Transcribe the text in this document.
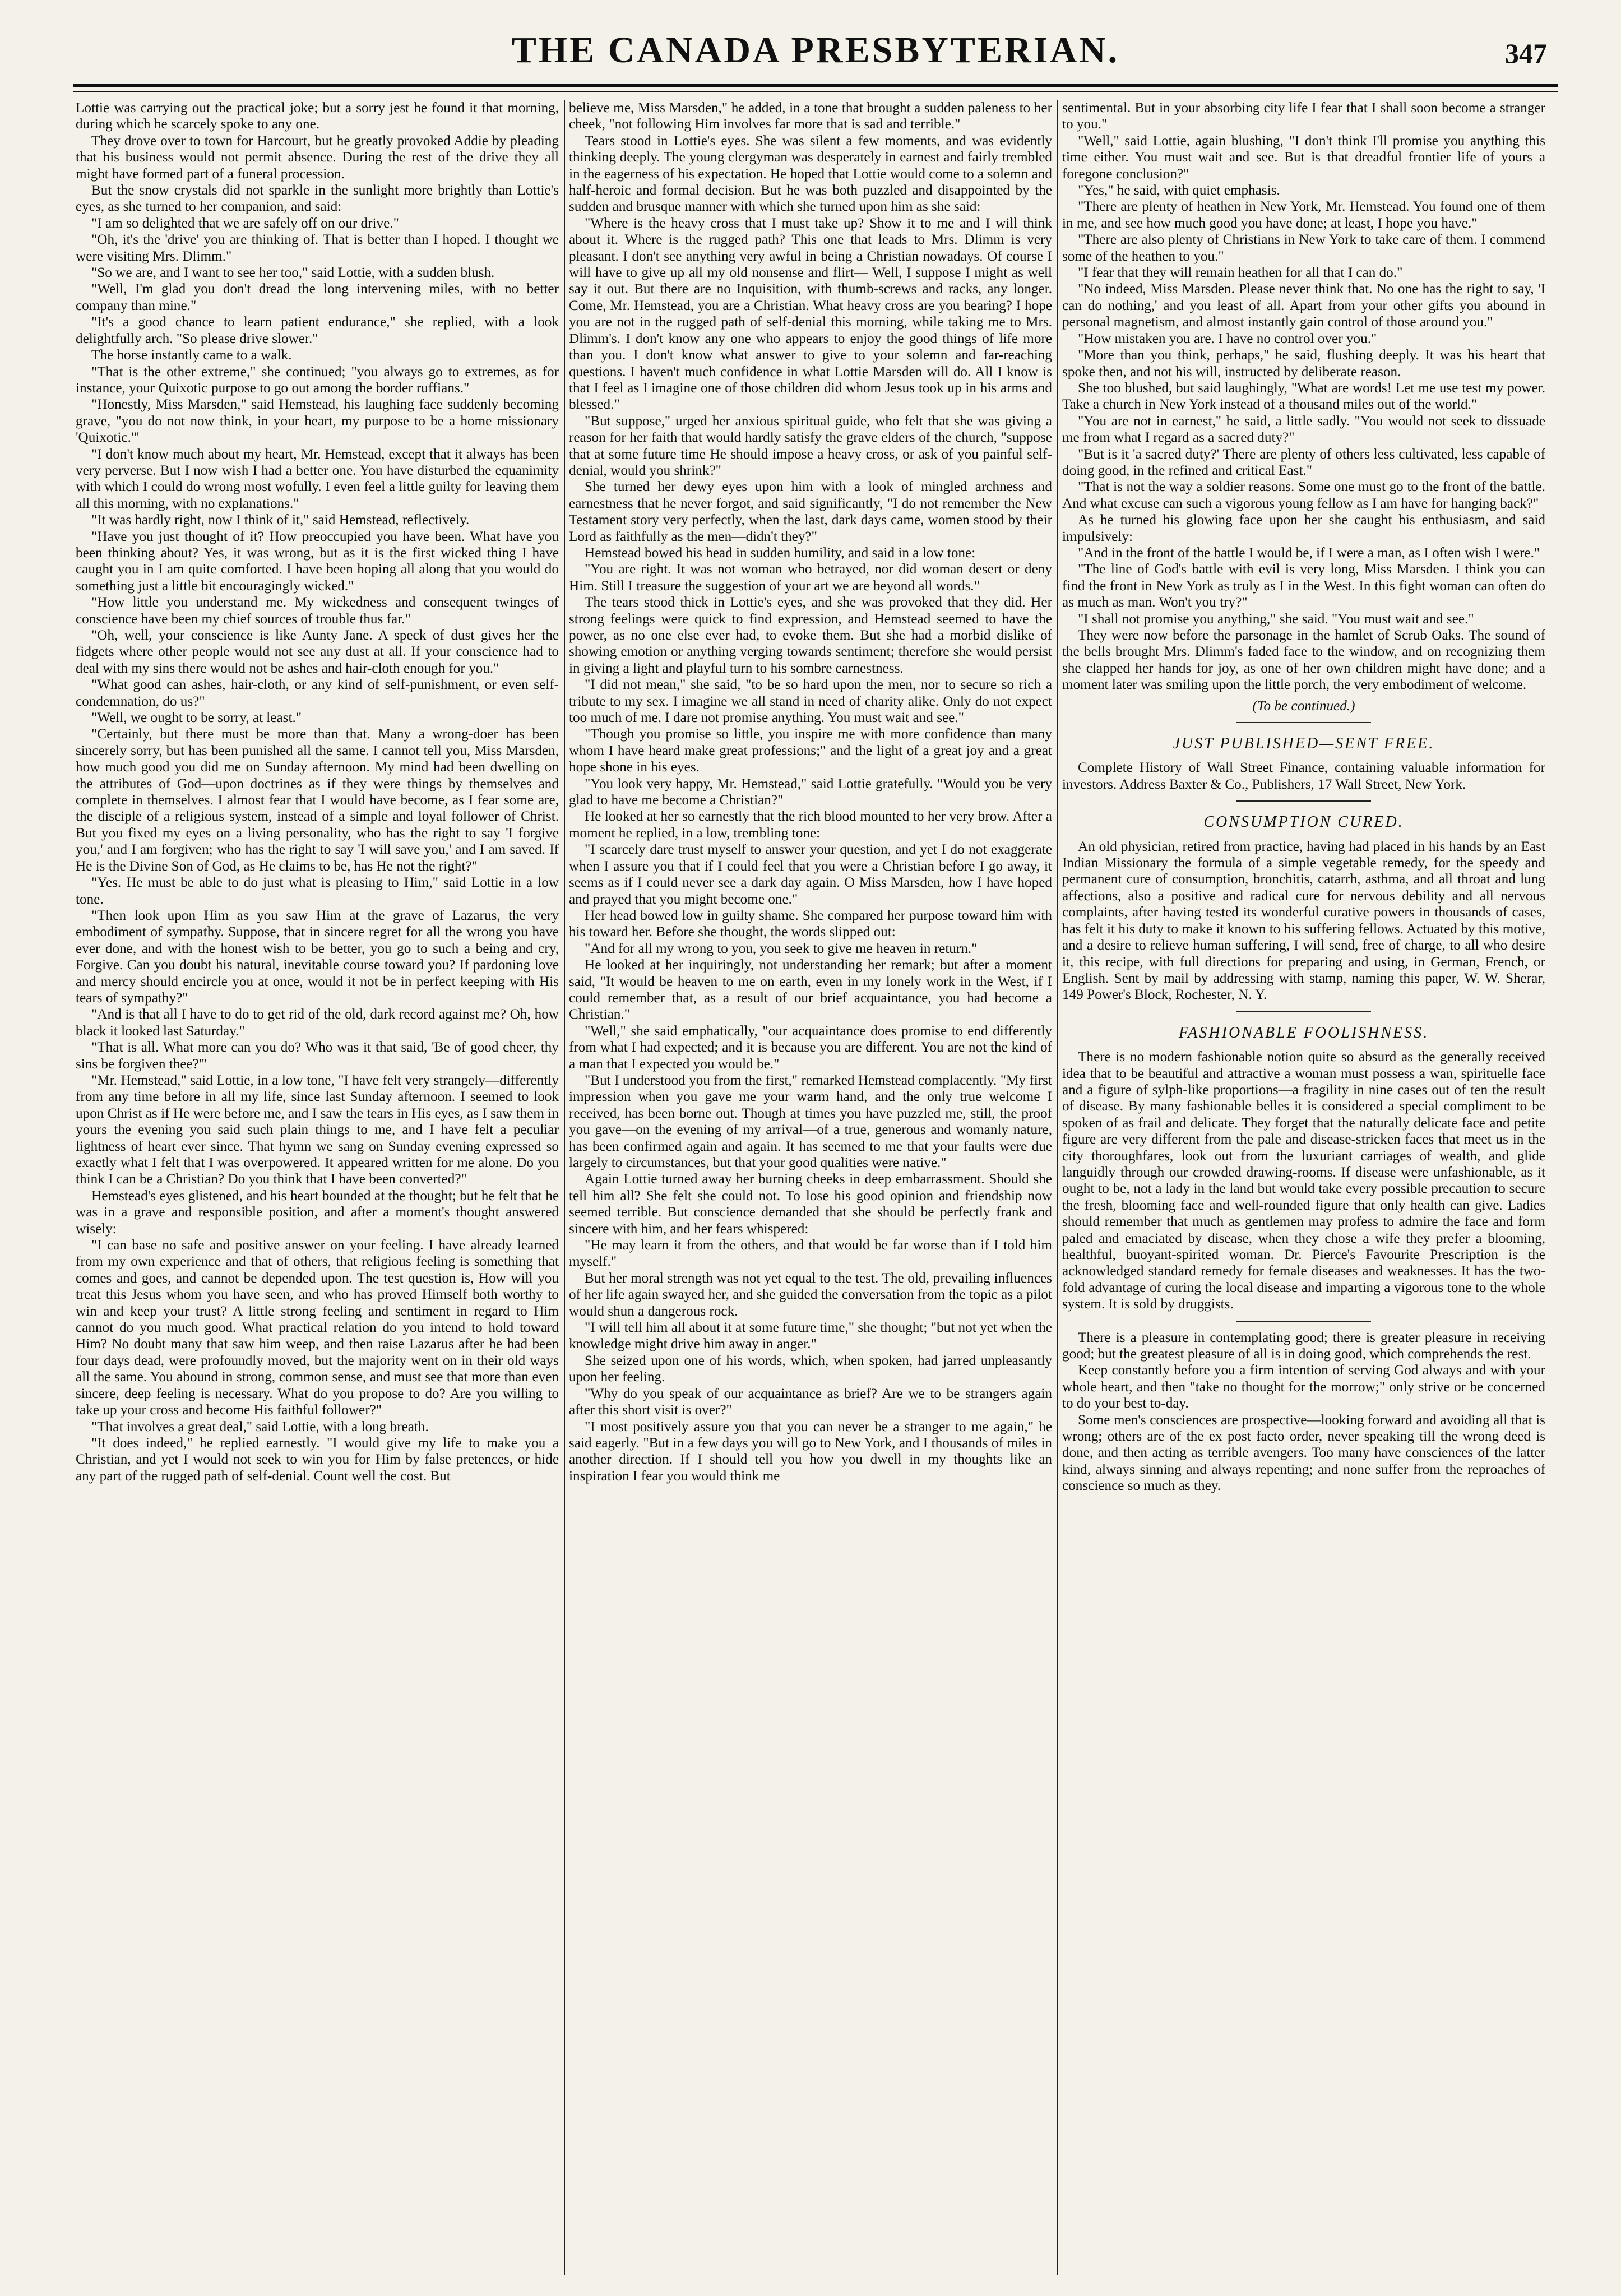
THE CANADA PRESBYTERIAN.	347

Lottie was carrying out the practical joke; but a sorry jest he found it that morning, during which he scarcely spoke to any one.

They drove over to town for Harcourt, but he greatly provoked Addie by pleading that his business would not permit absence. During the rest of the drive they all might have formed part of a funeral procession.

But the snow crystals did not sparkle in the sunlight more brightly than Lottie's eyes, as she turned to her companion, and said:

"I am so delighted that we are safely off on our drive."

"Oh, it's the 'drive' you are thinking of. That is better than I hoped. I thought we were visiting Mrs. Dlimm."

"So we are, and I want to see her too," said Lottie, with a sudden blush.

"Well, I'm glad you don't dread the long intervening miles, with no better company than mine."

"It's a good chance to learn patient endurance," she replied, with a look delightfully arch. "So please drive slower."

The horse instantly came to a walk.

"That is the other extreme," she continued; "you always go to extremes, as for instance, your Quixotic purpose to go out among the border ruffians."

"Honestly, Miss Marsden," said Hemstead, his laughing face suddenly becoming grave, "you do not now think, in your heart, my purpose to be a home missionary 'Quixotic.'"

"I don't know much about my heart, Mr. Hemstead, except that it always has been very perverse. But I now wish I had a better one. You have disturbed the equanimity with which I could do wrong most wofully. I even feel a little guilty for leaving them all this morning, with no explanations."

"It was hardly right, now I think of it," said Hemstead, reflectively.

"Have you just thought of it? How preoccupied you have been. What have you been thinking about? Yes, it was wrong, but as it is the first wicked thing I have caught you in I am quite comforted. I have been hoping all along that you would do something just a little bit encouragingly wicked."

"How little you understand me. My wickedness and consequent twinges of conscience have been my chief sources of trouble thus far."

"Oh, well, your conscience is like Aunty Jane. A speck of dust gives her the fidgets where other people would not see any dust at all. If your conscience had to deal with my sins there would not be ashes and hair-cloth enough for you."

"What good can ashes, hair-cloth, or any kind of self-punishment, or even self-condemnation, do us?"

"Well, we ought to be sorry, at least."

"Certainly, but there must be more than that. Many a wrong-doer has been sincerely sorry, but has been punished all the same. I cannot tell you, Miss Marsden, how much good you did me on Sunday afternoon. My mind had been dwelling on the attributes of God—upon doctrines as if they were things by themselves and complete in themselves. I almost fear that I would have become, as I fear some are, the disciple of a religious system, instead of a simple and loyal follower of Christ. But you fixed my eyes on a living personality, who has the right to say 'I forgive you,' and I am forgiven; who has the right to say 'I will save you,' and I am saved. If He is the Divine Son of God, as He claims to be, has He not the right?"

"Yes. He must be able to do just what is pleasing to Him," said Lottie in a low tone.

"Then look upon Him as you saw Him at the grave of Lazarus, the very embodiment of sympathy. Suppose, that in sincere regret for all the wrong you have ever done, and with the honest wish to be better, you go to such a being and cry, Forgive. Can you doubt his natural, inevitable course toward you? If pardoning love and mercy should encircle you at once, would it not be in perfect keeping with His tears of sympathy?"

"And is that all I have to do to get rid of the old, dark record against me? Oh, how black it looked last Saturday."

"That is all. What more can you do? Who was it that said, 'Be of good cheer, thy sins be forgiven thee?'"

"Mr. Hemstead," said Lottie, in a low tone, "I have felt very strangely—differently from any time before in all my life, since last Sunday afternoon. I seemed to look upon Christ as if He were before me, and I saw the tears in His eyes, as I saw them in yours the evening you said such plain things to me, and I have felt a peculiar lightness of heart ever since. That hymn we sang on Sunday evening expressed so exactly what I felt that I was overpowered. It appeared written for me alone. Do you think I can be a Christian? Do you think that I have been converted?"

Hemstead's eyes glistened, and his heart bounded at the thought; but he felt that he was in a grave and responsible position, and after a moment's thought answered wisely:

"I can base no safe and positive answer on your feeling. I have already learned from my own experience and that of others, that religious feeling is something that comes and goes, and cannot be depended upon. The test question is, How will you treat this Jesus whom you have seen, and who has proved Himself both worthy to win and keep your trust? A little strong feeling and sentiment in regard to Him cannot do you much good. What practical relation do you intend to hold toward Him? No doubt many that saw him weep, and then raise Lazarus after he had been four days dead, were profoundly moved, but the majority went on in their old ways all the same. You abound in strong, common sense, and must see that more than even sincere, deep feeling is necessary. What do you propose to do? Are you willing to take up your cross and become His faithful follower?"

"That involves a great deal," said Lottie, with a long breath.

"It does indeed," he replied earnestly. "I would give my life to make you a Christian, and yet I would not seek to win you for Him by false pretences, or hide any part of the rugged path of self-denial. Count well the cost. But

believe me, Miss Marsden," he added, in a tone that brought a sudden paleness to her cheek, "not following Him involves far more that is sad and terrible."

Tears stood in Lottie's eyes. She was silent a few moments, and was evidently thinking deeply. The young clergyman was desperately in earnest and fairly trembled in the eagerness of his expectation. He hoped that Lottie would come to a solemn and half-heroic and formal decision. But he was both puzzled and disappointed by the sudden and brusque manner with which she turned upon him as she said:

"Where is the heavy cross that I must take up? Show it to me and I will think about it. Where is the rugged path? This one that leads to Mrs. Dlimm is very pleasant. I don't see anything very awful in being a Christian nowadays. Of course I will have to give up all my old nonsense and flirt— Well, I suppose I might as well say it out. But there are no Inquisition, with thumb-screws and racks, any longer. Come, Mr. Hemstead, you are a Christian. What heavy cross are you bearing? I hope you are not in the rugged path of self-denial this morning, while taking me to Mrs. Dlimm's. I don't know any one who appears to enjoy the good things of life more than you. I don't know what answer to give to your solemn and far-reaching questions. I haven't much confidence in what Lottie Marsden will do. All I know is that I feel as I imagine one of those children did whom Jesus took up in his arms and blessed."

"But suppose," urged her anxious spiritual guide, who felt that she was giving a reason for her faith that would hardly satisfy the grave elders of the church, "suppose that at some future time He should impose a heavy cross, or ask of you painful self-denial, would you shrink?"

She turned her dewy eyes upon him with a look of mingled archness and earnestness that he never forgot, and said significantly, "I do not remember the New Testament story very perfectly, when the last, dark days came, women stood by their Lord as faithfully as the men—didn't they?"

Hemstead bowed his head in sudden humility, and said in a low tone:

"You are right. It was not woman who betrayed, nor did woman desert or deny Him. Still I treasure the suggestion of your art we are beyond all words."

The tears stood thick in Lottie's eyes, and she was provoked that they did. Her strong feelings were quick to find expression, and Hemstead seemed to have the power, as no one else ever had, to evoke them. But she had a morbid dislike of showing emotion or anything verging towards sentiment; therefore she would persist in giving a light and playful turn to his sombre earnestness.

"I did not mean," she said, "to be so hard upon the men, nor to secure so rich a tribute to my sex. I imagine we all stand in need of charity alike. Only do not expect too much of me. I dare not promise anything. You must wait and see."

"Though you promise so little, you inspire me with more confidence than many whom I have heard make great professions;" and the light of a great joy and a great hope shone in his eyes.

"You look very happy, Mr. Hemstead," said Lottie gratefully. "Would you be very glad to have me become a Christian?"

He looked at her so earnestly that the rich blood mounted to her very brow. After a moment he replied, in a low, trembling tone:

"I scarcely dare trust myself to answer your question, and yet I do not exaggerate when I assure you that if I could feel that you were a Christian before I go away, it seems as if I could never see a dark day again. O Miss Marsden, how I have hoped and prayed that you might become one."

Her head bowed low in guilty shame. She compared her purpose toward him with his toward her. Before she thought, the words slipped out:

"And for all my wrong to you, you seek to give me heaven in return."

He looked at her inquiringly, not understanding her remark; but after a moment said, "It would be heaven to me on earth, even in my lonely work in the West, if I could remember that, as a result of our brief acquaintance, you had become a Christian."

"Well," she said emphatically, "our acquaintance does promise to end differently from what I had expected; and it is because you are different. You are not the kind of a man that I expected you would be."

"But I understood you from the first," remarked Hemstead complacently. "My first impression when you gave me your warm hand, and the only true welcome I received, has been borne out. Though at times you have puzzled me, still, the proof you gave—on the evening of my arrival—of a true, generous and womanly nature, has been confirmed again and again. It has seemed to me that your faults were due largely to circumstances, but that your good qualities were native."

Again Lottie turned away her burning cheeks in deep embarrassment. Should she tell him all? She felt she could not. To lose his good opinion and friendship now seemed terrible. But conscience demanded that she should be perfectly frank and sincere with him, and her fears whispered:

"He may learn it from the others, and that would be far worse than if I told him myself."

But her moral strength was not yet equal to the test. The old, prevailing influences of her life again swayed her, and she guided the conversation from the topic as a pilot would shun a dangerous rock.

"I will tell him all about it at some future time," she thought; "but not yet when the knowledge might drive him away in anger."

She seized upon one of his words, which, when spoken, had jarred unpleasantly upon her feeling.

"Why do you speak of our acquaintance as brief? Are we to be strangers again after this short visit is over?"

"I most positively assure you that you can never be a stranger to me again," he said eagerly. "But in a few days you will go to New York, and I thousands of miles in another direction. If I should tell you how you dwell in my thoughts like an inspiration I fear you would think me

sentimental. But in your absorbing city life I fear that I shall soon become a stranger to you."

"Well," said Lottie, again blushing, "I don't think I'll promise you anything this time either. You must wait and see. But is that dreadful frontier life of yours a foregone conclusion?"

"Yes," he said, with quiet emphasis.

"There are plenty of heathen in New York, Mr. Hemstead. You found one of them in me, and see how much good you have done; at least, I hope you have."

"There are also plenty of Christians in New York to take care of them. I commend some of the heathen to you."

"I fear that they will remain heathen for all that I can do."

"No indeed, Miss Marsden. Please never think that. No one has the right to say, 'I can do nothing,' and you least of all. Apart from your other gifts you abound in personal magnetism, and almost instantly gain control of those around you."

"How mistaken you are. I have no control over you."

"More than you think, perhaps," he said, flushing deeply. It was his heart that spoke then, and not his will, instructed by deliberate reason.

She too blushed, but said laughingly, "What are words! Let me use test my power. Take a church in New York instead of a thousand miles out of the world."

"You are not in earnest," he said, a little sadly. "You would not seek to dissuade me from what I regard as a sacred duty?"

"But is it 'a sacred duty?' There are plenty of others less cultivated, less capable of doing good, in the refined and critical East."

"That is not the way a soldier reasons. Some one must go to the front of the battle. And what excuse can such a vigorous young fellow as I am have for hanging back?"

As he turned his glowing face upon her she caught his enthusiasm, and said impulsively:

"And in the front of the battle I would be, if I were a man, as I often wish I were."

"The line of God's battle with evil is very long, Miss Marsden. I think you can find the front in New York as truly as I in the West. In this fight woman can often do as much as man. Won't you try?"

"I shall not promise you anything," she said. "You must wait and see."

They were now before the parsonage in the hamlet of Scrub Oaks. The sound of the bells brought Mrs. Dlimm's faded face to the window, and on recognizing them she clapped her hands for joy, as one of her own children might have done; and a moment later was smiling upon the little porch, the very embodiment of welcome.

(To be continued.)

JUST PUBLISHED—SENT FREE.

Complete History of Wall Street Finance, containing valuable information for investors. Address Baxter & Co., Publishers, 17 Wall Street, New York.

CONSUMPTION CURED.

An old physician, retired from practice, having had placed in his hands by an East Indian Missionary the formula of a simple vegetable remedy, for the speedy and permanent cure of consumption, bronchitis, catarrh, asthma, and all throat and lung affections, also a positive and radical cure for nervous debility and all nervous complaints, after having tested its wonderful curative powers in thousands of cases, has felt it his duty to make it known to his suffering fellows. Actuated by this motive, and a desire to relieve human suffering, I will send, free of charge, to all who desire it, this recipe, with full directions for preparing and using, in German, French, or English. Sent by mail by addressing with stamp, naming this paper, W. W. Sherar, 149 Power's Block, Rochester, N. Y.

FASHIONABLE FOOLISHNESS.

There is no modern fashionable notion quite so absurd as the generally received idea that to be beautiful and attractive a woman must possess a wan, spirituelle face and a figure of sylph-like proportions—a fragility in nine cases out of ten the result of disease. By many fashionable belles it is considered a special compliment to be spoken of as frail and delicate. They forget that the naturally delicate face and petite figure are very different from the pale and disease-stricken faces that meet us in the city thoroughfares, look out from the luxuriant carriages of wealth, and glide languidly through our crowded drawing-rooms. If disease were unfashionable, as it ought to be, not a lady in the land but would take every possible precaution to secure the fresh, blooming face and well-rounded figure that only health can give. Ladies should remember that much as gentlemen may profess to admire the face and form paled and emaciated by disease, when they chose a wife they prefer a blooming, healthful, buoyant-spirited woman. Dr. Pierce's Favourite Prescription is the acknowledged standard remedy for female diseases and weaknesses. It has the two-fold advantage of curing the local disease and imparting a vigorous tone to the whole system. It is sold by druggists.

There is a pleasure in contemplating good; there is greater pleasure in receiving good; but the greatest pleasure of all is in doing good, which comprehends the rest.

Keep constantly before you a firm intention of serving God always and with your whole heart, and then "take no thought for the morrow;" only strive or be concerned to do your best to-day.

Some men's consciences are prospective—looking forward and avoiding all that is wrong; others are of the ex post facto order, never speaking till the wrong deed is done, and then acting as terrible avengers. Too many have consciences of the latter kind, always sinning and always repenting; and none suffer from the reproaches of conscience so much as they.
